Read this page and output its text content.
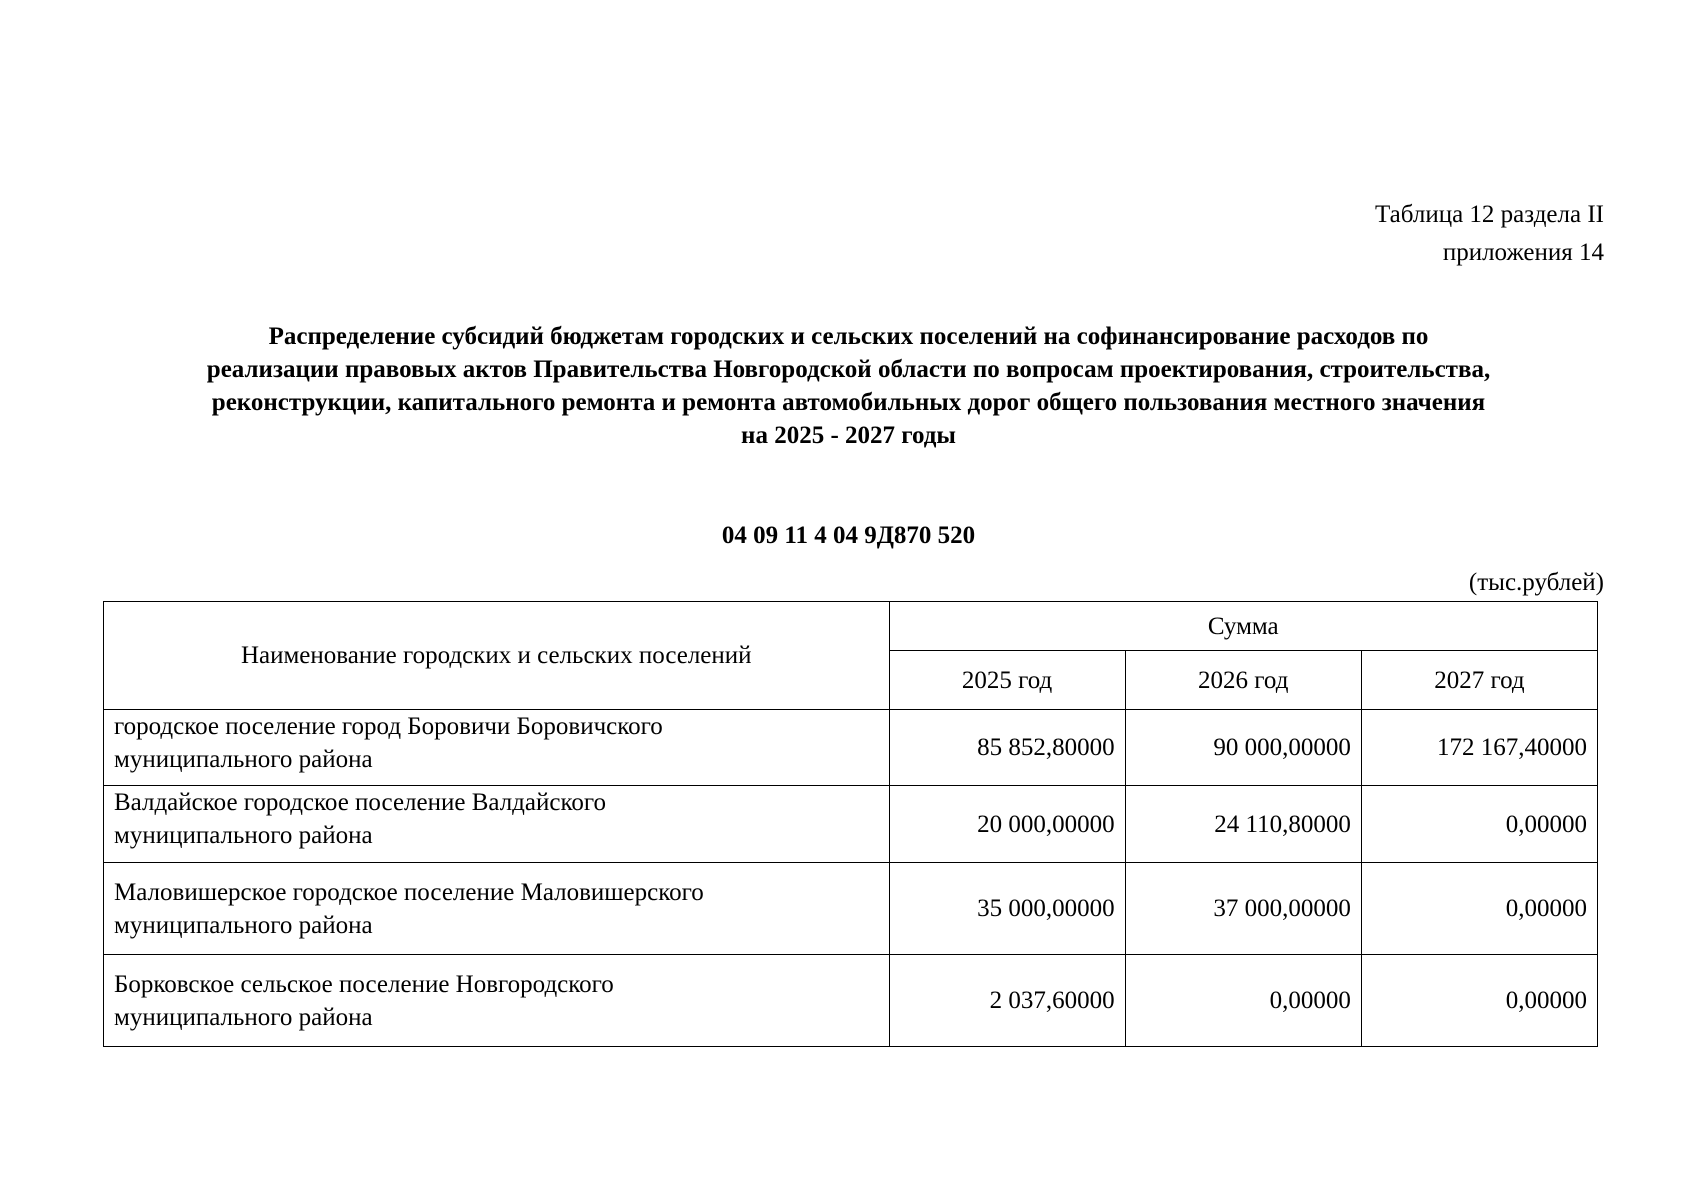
Таблица 12 раздела II
приложения 14
Распределение субсидий бюджетам городских и сельских поселений на софинансирование расходов по
реализации правовых актов Правительства Новгородской области по вопросам проектирования, строительства,
реконструкции, капитального ремонта и ремонта автомобильных дорог общего пользования местного значения
на 2025 - 2027 годы
04 09 11 4 04 9Д870 520
(тыс.рублей)
Наименование городских и сельских поселений	Сумма		
	2025 год	2026 год	2027 год

городское поселение город Боровичи Боровичского
муниципального района	85 852,80000	90 000,00000	172 167,40000

Валдайское городское поселение Валдайского
муниципального района	20 000,00000	24 110,80000	0,00000

Маловишерское городское поселение Маловишерского
муниципального района	35 000,00000	37 000,00000	0,00000

Борковское сельское поселение Новгородского
муниципального района	2 037,60000	0,00000	0,00000
